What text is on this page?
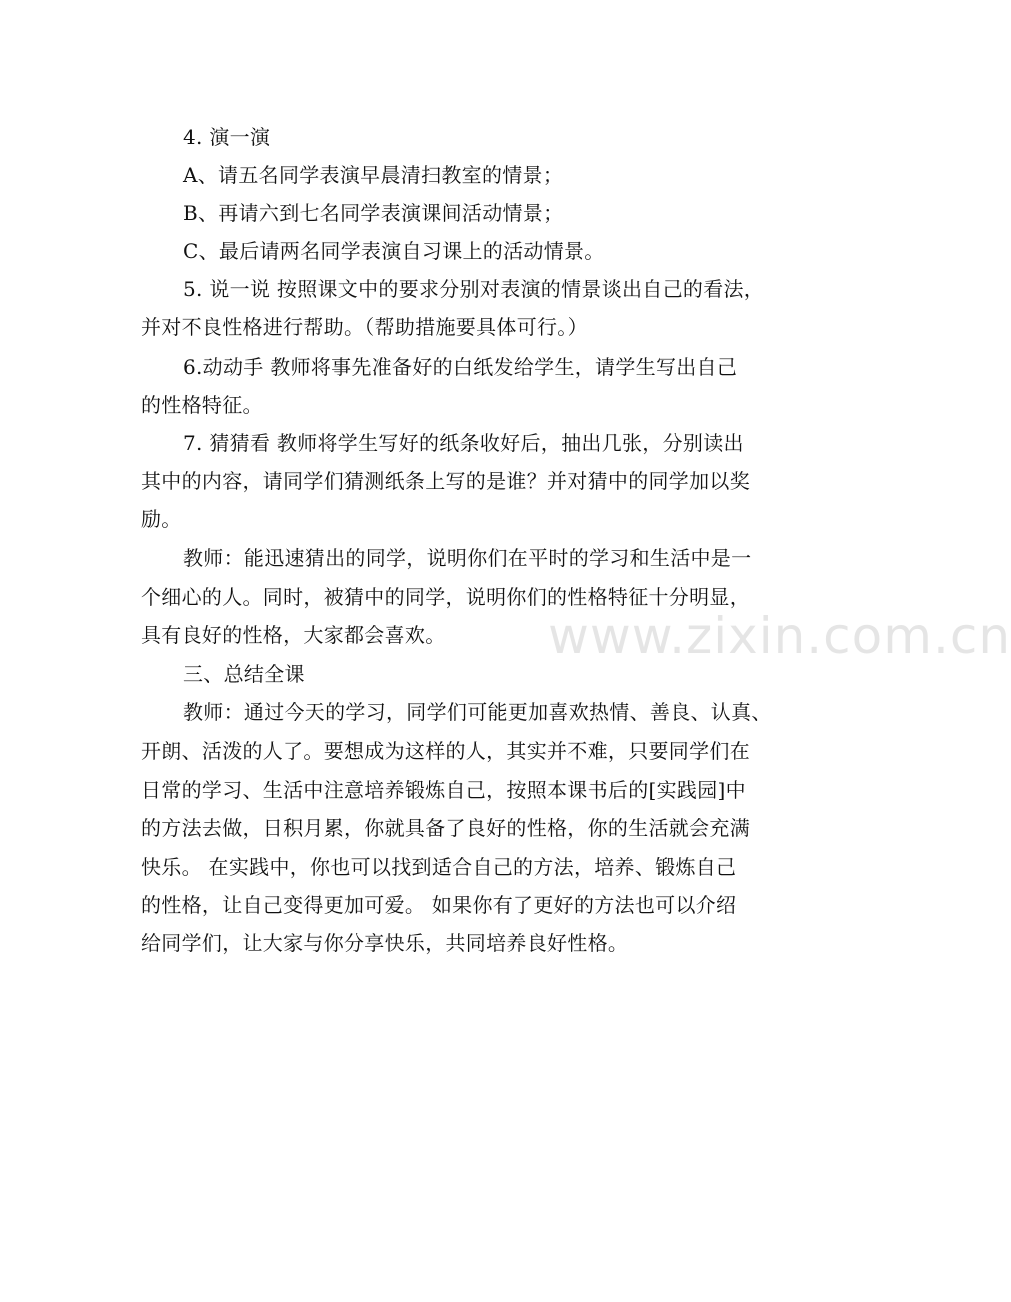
4. 演一演
A、请五名同学表演早晨清扫教室的情景；
B、再请六到七名同学表演课间活动情景；
C、最后请两名同学表演自习课上的活动情景。
5. 说一说 按照课文中的要求分别对表演的情景谈出自己的看法，
并对不良性格进行帮助。（帮助措施要具体可行。）
6.动动手 教师将事先准备好的白纸发给学生，请学生写出自己
的性格特征。
7. 猜猜看 教师将学生写好的纸条收好后，抽出几张，分别读出
其中的内容，请同学们猜测纸条上写的是谁？并对猜中的同学加以奖
励。
教师：能迅速猜出的同学，说明你们在平时的学习和生活中是一
个细心的人。同时，被猜中的同学，说明你们的性格特征十分明显，
具有良好的性格，大家都会喜欢。
三、总结全课
教师：通过今天的学习，同学们可能更加喜欢热情、善良、认真、
开朗、活泼的人了。要想成为这样的人，其实并不难，只要同学们在
日常的学习、生活中注意培养锻炼自己，按照本课书后的[实践园]中
的方法去做，日积月累，你就具备了良好的性格，你的生活就会充满
快乐。 在实践中，你也可以找到适合自己的方法，培养、锻炼自己
的性格，让自己变得更加可爱。 如果你有了更好的方法也可以介绍
给同学们，让大家与你分享快乐，共同培养良好性格。
www.zixin.com.cn
